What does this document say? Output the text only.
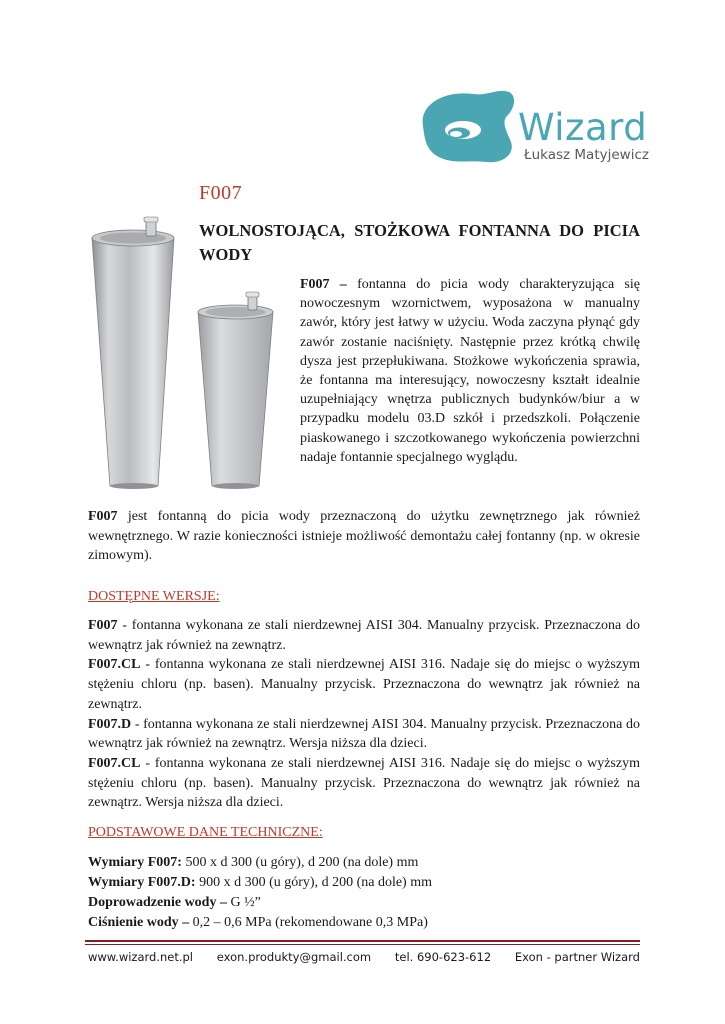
Wizard
Łukasz Matyjewicz
F007
WOLNOSTOJĄCA, STOŻKOWA FONTANNA DO PICIA WODY
F007 – fontanna do picia wody charakteryzująca się nowoczesnym wzornictwem, wyposażona w manualny zawór, który jest łatwy w użyciu. Woda zaczyna płynąć gdy zawór zostanie naciśnięty. Następnie przez krótką chwilę dysza jest przepłukiwana. Stożkowe wykończenia sprawia, że fontanna ma interesujący, nowoczesny kształt idealnie uzupełniający wnętrza publicznych budynków/biur a w przypadku modelu 03.D szkół i przedszkoli. Połączenie piaskowanego i szczotkowanego wykończenia powierzchni nadaje fontannie specjalnego wyglądu.
F007 jest fontanną do picia wody przeznaczoną do użytku zewnętrznego jak również wewnętrznego. W razie konieczności istnieje możliwość demontażu całej fontanny (np. w okresie zimowym).
DOSTĘPNE WERSJE:
F007 - fontanna wykonana ze stali nierdzewnej AISI 304. Manualny przycisk. Przeznaczona do wewnątrz jak również na zewnątrz.
F007.CL - fontanna wykonana ze stali nierdzewnej AISI 316. Nadaje się do miejsc o wyższym stężeniu chloru (np. basen). Manualny przycisk. Przeznaczona do wewnątrz jak również na zewnątrz.
F007.D - fontanna wykonana ze stali nierdzewnej AISI 304. Manualny przycisk. Przeznaczona do wewnątrz jak również na zewnątrz. Wersja niższa dla dzieci.
F007.CL - fontanna wykonana ze stali nierdzewnej AISI 316. Nadaje się do miejsc o wyższym stężeniu chloru (np. basen). Manualny przycisk. Przeznaczona do wewnątrz jak również na zewnątrz. Wersja niższa dla dzieci.
PODSTAWOWE DANE TECHNICZNE:
Wymiary F007: 500 x d 300 (u góry), d 200 (na dole) mm
Wymiary F007.D: 900 x d 300 (u góry), d 200 (na dole) mm
Doprowadzenie wody – G ½”
Ciśnienie wody – 0,2 – 0,6 MPa (rekomendowane 0,3 MPa)
www.wizard.net.pl exon.produkty@gmail.com tel. 690-623-612 Exon - partner Wizard
